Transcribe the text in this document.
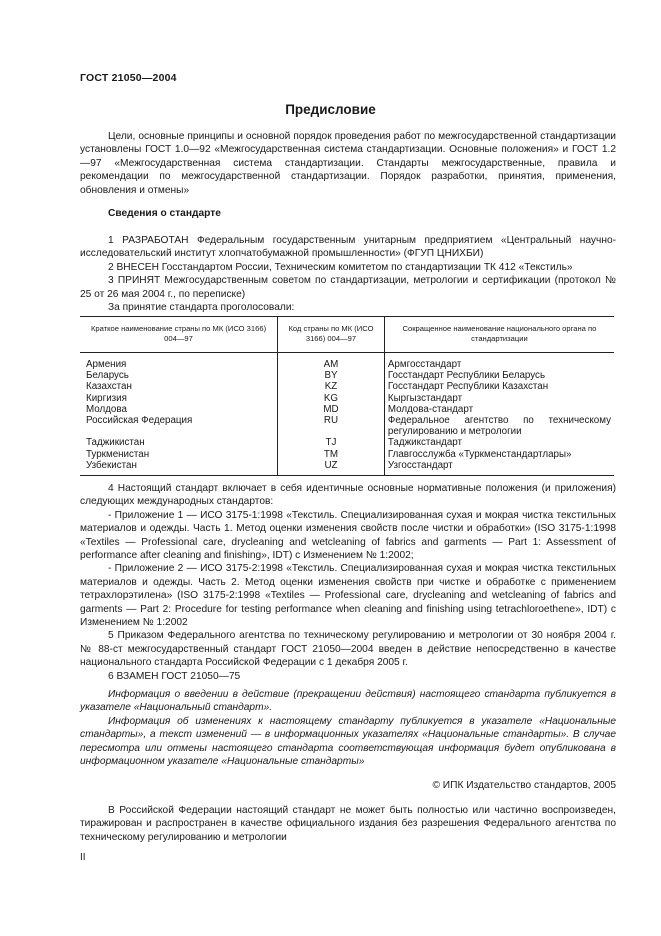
ГОСТ 21050—2004
Предисловие

Цели, основные принципы и основной порядок проведения работ по межгосударственной стандартизации установлены ГОСТ 1.0—92 «Межгосударственная система стандартизации. Основные положения» и ГОСТ 1.2—97 «Межгосударственная система стандартизации. Стандарты межгосударственные, правила и рекомендации по межгосударственной стандартизации. Порядок разработки, принятия, применения, обновления и отмены»

Сведения о стандарте

1 РАЗРАБОТАН Федеральным государственным унитарным предприятием «Центральный научно-исследовательский институт хлопчатобумажной промышленности» (ФГУП ЦНИХБИ)

2 ВНЕСЕН Госстандартом России, Техническим комитетом по стандартизации ТК 412 «Текстиль»

3 ПРИНЯТ Межгосударственным советом по стандартизации, метрологии и сертификации (протокол № 25 от 26 мая 2004 г., по переписке)

За принятие стандарта проголосовали:

Краткое наименование страны по МК (ИСО 3166) 004—97	Код страны по МК (ИСО 3166) 004—97	Сокращенное наименование национального органа по стандартизации
Армения	AM	Армгосстандарт
Беларусь	BY	Госстандарт Республики Беларусь
Казахстан	KZ	Госстандарт Республики Казахстан
Киргизия	KG	Кыргызстандарт
Молдова	MD	Молдова-стандарт
Российская Федерация	RU	Федеральное агентство по техническому регулированию и метрологии
Таджикистан	TJ	Таджикстандарт
Туркменистан	TM	Главгосслужба «Туркменстандартлары»
Узбекистан	UZ	Узгосстандарт

4 Настоящий стандарт включает в себя идентичные основные нормативные положения (и приложения) следующих международных стандартов:

- Приложение 1 — ИСО 3175-1:1998 «Текстиль. Специализированная сухая и мокрая чистка текстильных материалов и одежды. Часть 1. Метод оценки изменения свойств после чистки и обработки» (ISO 3175-1:1998 «Textiles — Professional care, drycleaning and wetcleaning of fabrics and garments — Part 1: Assessment of performance after cleaning and finishing», IDT) с Изменением № 1:2002;

- Приложение 2 — ИСО 3175-2:1998 «Текстиль. Специализированная сухая и мокрая чистка текстильных материалов и одежды. Часть 2. Метод оценки изменения свойств при чистке и обработке с применением тетрахлорэтилена» (ISO 3175-2:1998 «Textiles — Professional care, drycleaning and wetcleaning of fabrics and garments — Part 2: Procedure for testing performance when cleaning and finishing using tetrachloroethene», IDT) с Изменением № 1:2002

5 Приказом Федерального агентства по техническому регулированию и метрологии от 30 ноября 2004 г. № 88-ст межгосударственный стандарт ГОСТ 21050—2004 введен в действие непосредственно в качестве национального стандарта Российской Федерации с 1 декабря 2005 г.

6 ВЗАМЕН ГОСТ 21050—75

Информация о введении в действие (прекращении действия) настоящего стандарта публикуется в указателе «Национальный стандарт».

Информация об изменениях к настоящему стандарту публикуется в указателе «Национальные стандарты», а текст изменений — в информационных указателях «Национальные стандарты». В случае пересмотра или отмены настоящего стандарта соответствующая информация будет опубликована в информационном указателе «Национальные стандарты»

© ИПК Издательство стандартов, 2005

В Российской Федерации настоящий стандарт не может быть полностью или частично воспроизведен, тиражирован и распространен в качестве официального издания без разрешения Федерального агентства по техническому регулированию и метрологии

II
